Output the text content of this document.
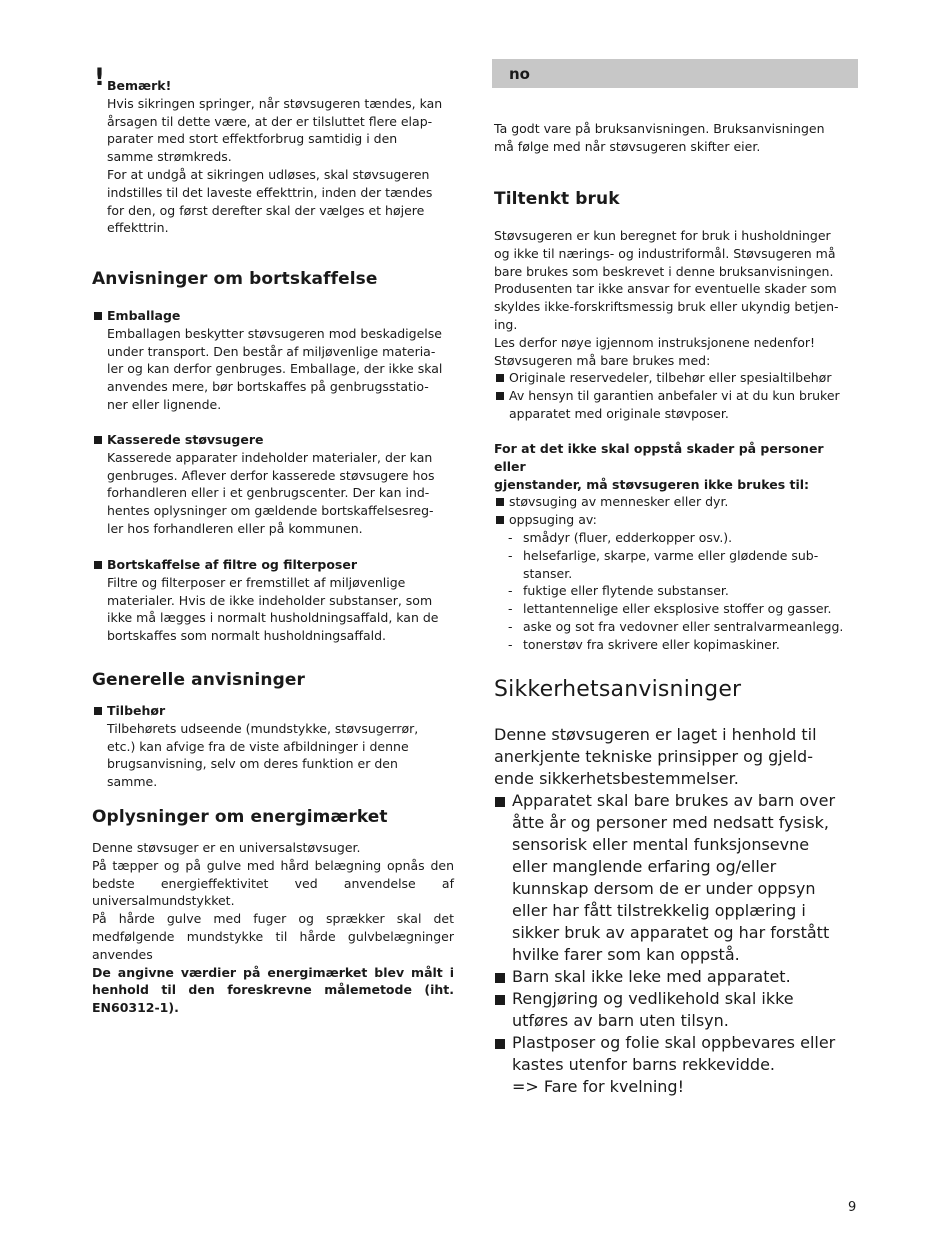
! Bemærk!
Hvis sikringen springer, når støvsugeren tændes, kan
årsagen til dette være, at der er tilsluttet flere elap-
parater med stort effektforbrug samtidig i den
samme strømkreds.
For at undgå at sikringen udløses, skal støvsugeren
indstilles til det laveste effekttrin, inden der tændes
for den, og først derefter skal der vælges et højere
effekttrin.
Anvisninger om bortskaffelse
Emballage
Emballagen beskytter støvsugeren mod beskadigelse
under transport. Den består af miljøvenlige materia-
ler og kan derfor genbruges. Emballage, der ikke skal
anvendes mere, bør bortskaffes på genbrugsstatio-
ner eller lignende.
Kasserede støvsugere
Kasserede apparater indeholder materialer, der kan
genbruges. Aflever derfor kasserede støvsugere hos
forhandleren eller i et genbrugscenter. Der kan ind-
hentes oplysninger om gældende bortskaffelsesreg-
ler hos forhandleren eller på kommunen.
Bortskaffelse af filtre og filterposer
Filtre og filterposer er fremstillet af miljøvenlige
materialer. Hvis de ikke indeholder substanser, som
ikke må lægges i normalt husholdningsaffald, kan de
bortskaffes som normalt husholdningsaffald.
Generelle anvisninger
Tilbehør
Tilbehørets udseende (mundstykke, støvsugerrør,
etc.) kan afvige fra de viste afbildninger i denne
brugsanvisning, selv om deres funktion er den
samme.
Oplysninger om energimærket

Denne støvsuger er en universalstøvsuger.

På tæpper og på gulve med hård belægning opnås den bedste energieffektivitet ved anvendelse af universalmundstykket.

På hårde gulve med fuger og sprækker skal det medfølgende mundstykke til hårde gulvbelægninger anvendes

De angivne værdier på energimærket blev målt i henhold til den foreskrevne målemetode (iht. EN60312-1).

no
Ta godt vare på bruksanvisningen. Bruksanvisningen
må følge med når støvsugeren skifter eier.
Tiltenkt bruk
Støvsugeren er kun beregnet for bruk i husholdninger
og ikke til nærings- og industriformål. Støvsugeren må
bare brukes som beskrevet i denne bruksanvisningen.
Produsenten tar ikke ansvar for eventuelle skader som
skyldes ikke-forskriftsmessig bruk eller ukyndig betjen-
ing.
Les derfor nøye igjennom instruksjonene nedenfor!
Støvsugeren må bare brukes med:
Originale reservedeler, tilbehør eller spesialtilbehør
Av hensyn til garantien anbefaler vi at du kun bruker apparatet med originale støvposer.
For at det ikke skal oppstå skader på personer eller
gjenstander, må støvsugeren ikke brukes til:
støvsuging av mennesker eller dyr.
oppsuging av:
- smådyr (fluer, edderkopper osv.).
- helsefarlige, skarpe, varme eller glødende sub-
stanser.
- fuktige eller flytende substanser.
- lettantennelige eller eksplosive stoffer og gasser.
- aske og sot fra vedovner eller sentralvarmeanlegg.
- tonerstøv fra skrivere eller kopimaskiner.
Sikkerhetsanvisninger
Denne støvsugeren er laget i henhold til
anerkjente tekniske prinsipper og gjeld-
ende sikkerhetsbestemmelser.
Apparatet skal bare brukes av barn over
åtte år og personer med nedsatt fysisk,
sensorisk eller mental funksjonsevne
eller manglende erfaring og/eller
kunnskap dersom de er under oppsyn
eller har fått tilstrekkelig opplæring i
sikker bruk av apparatet og har forstått
hvilke farer som kan oppstå.
Barn skal ikke leke med apparatet.
Rengjøring og vedlikehold skal ikke
utføres av barn uten tilsyn.
Plastposer og folie skal oppbevares eller
kastes utenfor barns rekkevidde.
=> Fare for kvelning!
9
